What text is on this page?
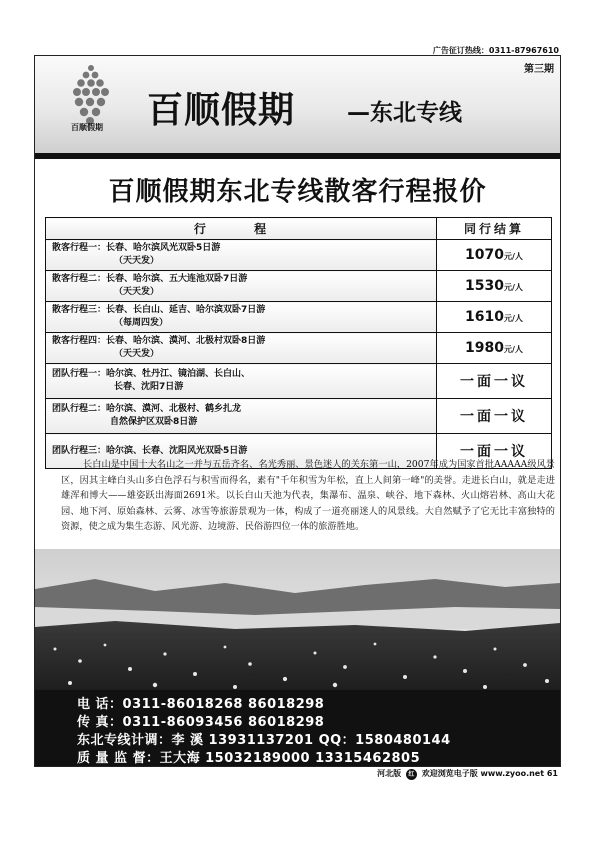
广告征订热线：0311-87967610
第三期
百顺假期 百顺假期 —东北专线
百顺假期东北专线散客行程报价
行 程	同行结算
散客行程一：长春、哈尔滨风光双卧5日游
（天天发）	1070元/人
散客行程二：长春、哈尔滨、五大连池双卧7日游
（天天发）	1530元/人
散客行程三：长春、长白山、延吉、哈尔滨双卧7日游
（每周四发）	1610元/人
散客行程四：长春、哈尔滨、漠河、北极村双卧8日游
（天天发）	1980元/人
团队行程一：哈尔滨、牡丹江、镜泊湖、长白山、
长春、沈阳7日游	一面一议
团队行程二：哈尔滨、漠河、北极村、鹤乡扎龙
自然保护区双卧8日游	一面一议
团队行程三：哈尔滨、长春、沈阳风光双卧5日游	一面一议
长白山是中国十大名山之一并与五岳齐名、名光秀丽、景色迷人的关东第一山，2007年成为国家首批AAAAA级风景区，因其主峰白头山多白色浮石与积雪而得名，素有"千年积雪为年松，直上人间第一峰"的美誉。走进长白山，就是走进雄浑和博大——雄姿跃出海面2691米。以长白山天池为代表，集瀑布、温泉、峡谷、地下森林、火山熔岩林、高山大花园、地下河、原始森林、云雾、冰雪等旅游景观为一体，构成了一道亮丽迷人的风景线。大自然赋予了它无比丰富独特的资源，使之成为集生态游、风光游、边境游、民俗游四位一体的旅游胜地。
电 话：0311-86018268 86018298
传 真：0311-86093456 86018298
东北专线计调：李 溪 13931137201 QQ：1580480144
质 量 监 督：王大海 15032189000 13315462805
河北版 红 欢迎浏览电子版 www.zyoo.net 61
